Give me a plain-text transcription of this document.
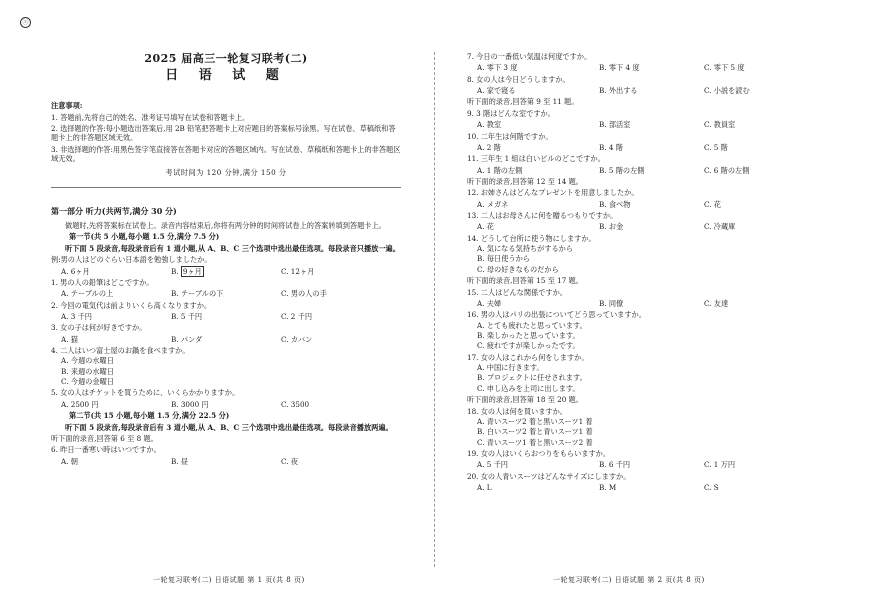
ⓢ
2025 届高三一轮复习联考(二)
日 语 试 题
注意事项:
1. 答题前,先将自己的姓名、准考证号填写在试卷和答题卡上。
2. 选择题的作答:每小题选出答案后,用 2B 铅笔把答题卡上对应题目的答案标号涂黑。写在试卷、草稿纸和答题卡上的非答题区域无效。
3. 非选择题的作答:用黑色签字笔直接答在答题卡对应的答题区域内。写在试卷、草稿纸和答题卡上的非答题区域无效。
考试时间为 120 分钟,满分 150 分
第一部分 听力(共两节,满分 30 分)
做题时,先将答案标在试卷上。录音内容结束后,你将有两分钟的时间将试卷上的答案转填到答题卡上。
第一节(共 5 小题,每小题 1.5 分,满分 7.5 分)
听下面 5 段录音,每段录音后有 1 道小题,从 A、B、C 三个选项中选出最佳选项。每段录音只播放一遍。
例:男の人はどのぐらい日本語を勉強しましたか。
A. 6ヶ月	B. 9ヶ月	C. 12ヶ月
1. 男の人の鉛筆はどこですか。
A. テーブルの上	B. テーブルの下	C. 男の人の手
2. 今回の電気代は前よりいくら高くなりますか。
A. 3 千円	B. 5 千円	C. 2 千円
3. 女の子は何が好きですか。
A. 猫	B. パンダ	C. カバン
4. 二人はいつ富士屋のお鍋を食べますか。
A. 今週の水曜日
B. 来週の水曜日
C. 今週の金曜日
5. 女の人はチケットを買うために、いくらかかりますか。
A. 2500 円	B. 3000 円	C. 3500
第二节(共 15 小题,每小题 1.5 分,满分 22.5 分)
听下面 5 段录音,每段录音后有 3 道小题,从 A、B、C 三个选项中选出最佳选项。每段录音播放两遍。
听下面的录音,回答第 6 至 8 题。
6. 昨日一番寒い時はいつですか。
A. 朝	B. 昼	C. 夜
7. 今日の一番低い気温は何度ですか。
A. 零下 3 度	B. 零下 4 度	C. 零下 5 度
8. 女の人は今日どうしますか。
A. 家で寝る	B. 外出する	C. 小説を読む
听下面的录音,回答第 9 至 11 题。
9. 3 階はどんな室ですか。
A. 教室	B. 部活室	C. 教員室
10. 二年生は何階ですか。
A. 2 階	B. 4 階	C. 5 階
11. 三年生 1 組は白いビルのどこですか。
A. 1 階の左側	B. 5 階の左側	C. 6 階の左側
听下面的录音,回答第 12 至 14 题。
12. お姉さんはどんなプレゼントを用意しましたか。
A. メガネ	B. 食べ物	C. 花
13. 二人はお母さんに何を贈るつもりですか。
A. 花	B. お金	C. 冷蔵庫
14. どうして台所に使う物にしますか。
A. 気になる気持ちがするから
B. 毎日使うから
C. 母の好きなものだから
听下面的录音,回答第 15 至 17 题。
15. 二人はどんな関係ですか。
A. 夫婦	B. 同僚	C. 友達
16. 男の人はパリの出張についてどう思っていますか。
A. とても疲れたと思っています。
B. 楽しかったと思っています。
C. 疲れですが楽しかったです。
17. 女の人はこれから何をしますか。
A. 中国に行きます。
B. プロジェクトに任せされます。
C. 申し込みを上司に出します。
听下面的录音,回答第 18 至 20 题。
18. 女の人は何を買いますか。
A. 青いスーツ2 着と黒いスーツ1 着
B. 白いスーツ2 着と青いスーツ1 着
C. 青いスーツ1 着と黒いスーツ2 着
19. 女の人はいくらおつりをもらいますか。
A. 5 千円	B. 6 千円	C. 1 万円
20. 女の人青いスーツはどんなサイズにしますか。
A. L	B. M	C. S
一轮复习联考(二) 日语试题 第 1 页(共 8 页)	一轮复习联考(二) 日语试题 第 2 页(共 8 页)
